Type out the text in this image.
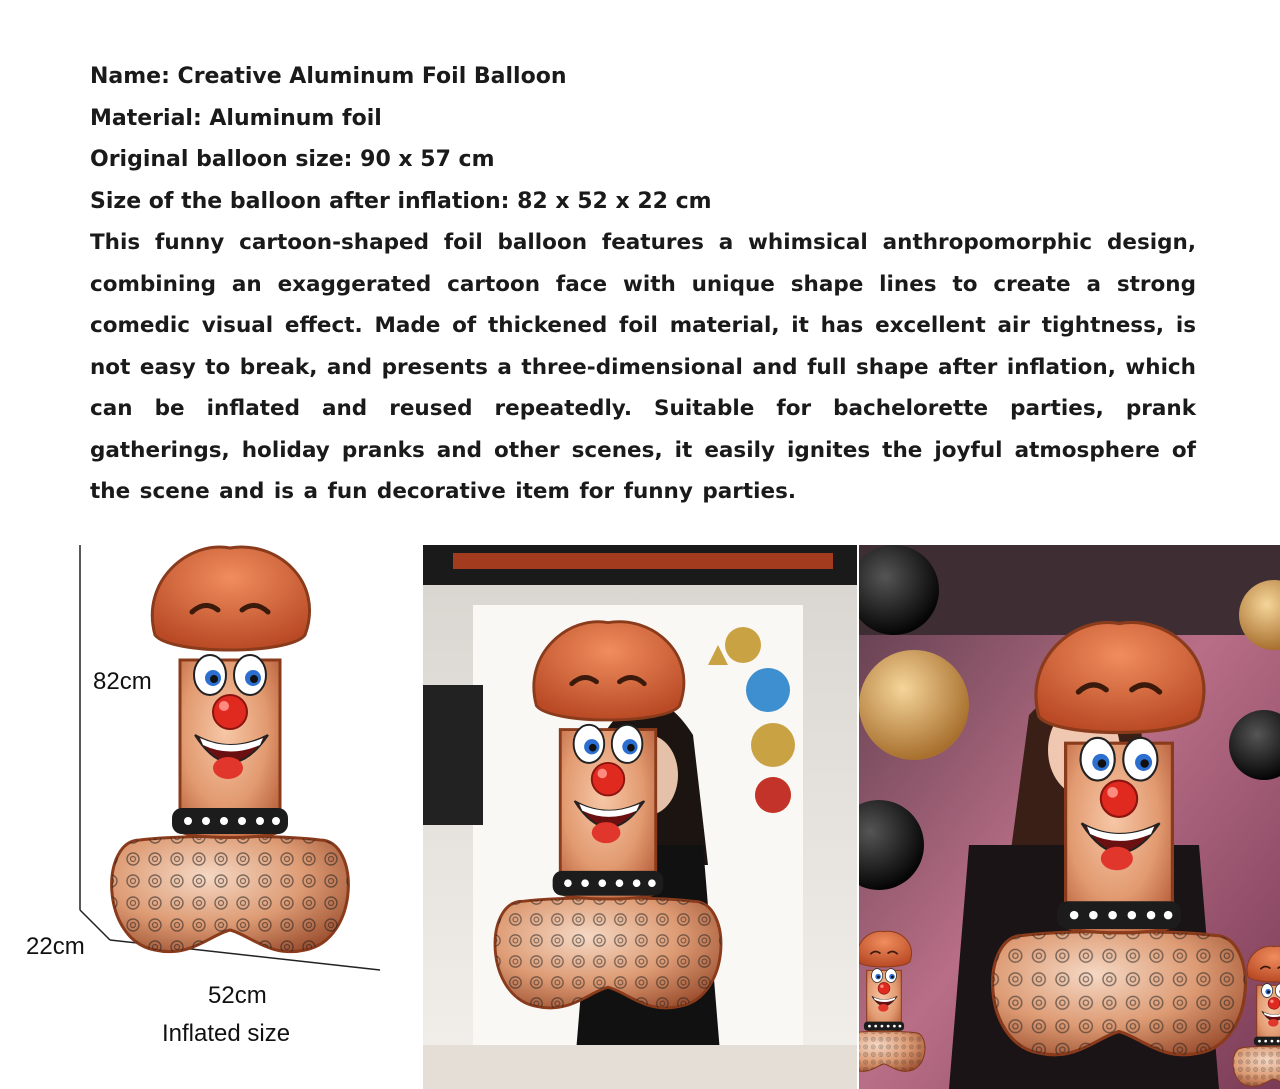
Name: Creative Aluminum Foil Balloon

Material: Aluminum foil

Original balloon size: 90 x 57 cm

Size of the balloon after inflation: 82 x 52 x 22 cm

This funny cartoon-shaped foil balloon features a whimsical anthropomorphic design, combining an exaggerated cartoon face with unique shape lines to create a strong comedic visual effect. Made of thickened foil material, it has excellent air tightness, is not easy to break, and presents a three-dimensional and full shape after inflation, which can be inflated and reused repeatedly. Suitable for bachelorette parties, prank gatherings, holiday pranks and other scenes, it easily ignites the joyful atmosphere of the scene and is a fun decorative item for funny parties.

82cm
22cm
52cm
Inflated size
